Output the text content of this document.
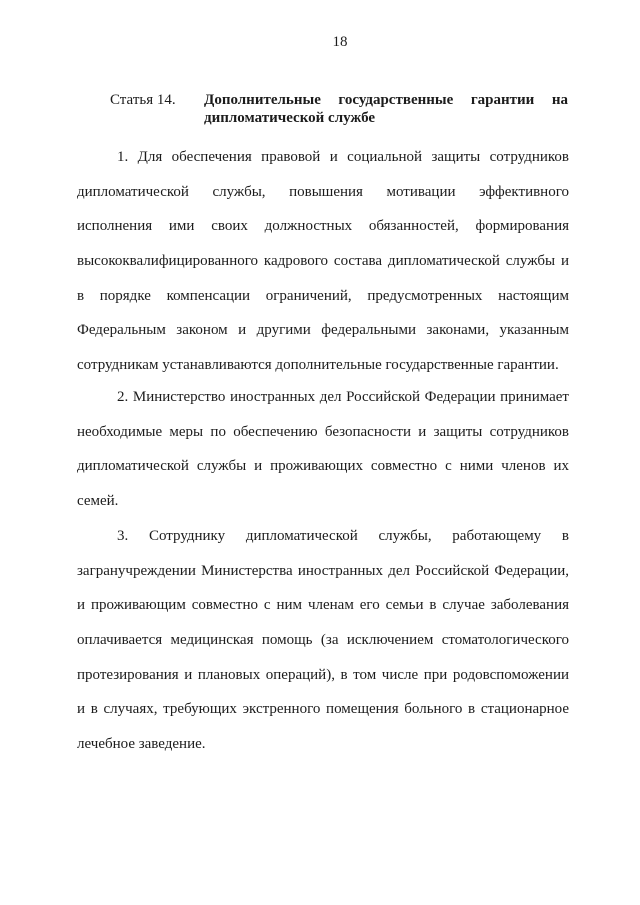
18
Статья 14. Дополнительные государственные гарантии на
дипломатической службе
1. Для обеспечения правовой и социальной защиты сотрудников
дипломатической службы, повышения мотивации эффективного
исполнения ими своих должностных обязанностей, формирования
высококвалифицированного кадрового состава дипломатической службы и
в порядке компенсации ограничений, предусмотренных настоящим
Федеральным законом и другими федеральными законами, указанным
сотрудникам устанавливаются дополнительные государственные гарантии.
2. Министерство иностранных дел Российской Федерации принимает
необходимые меры по обеспечению безопасности и защиты сотрудников
дипломатической службы и проживающих совместно с ними членов их
семей.
3. Сотруднику дипломатической службы, работающему в
загранучреждении Министерства иностранных дел Российской Федерации,
и проживающим совместно с ним членам его семьи в случае заболевания
оплачивается медицинская помощь (за исключением стоматологического
протезирования и плановых операций), в том числе при родовспоможении
и в случаях, требующих экстренного помещения больного в стационарное
лечебное заведение.
